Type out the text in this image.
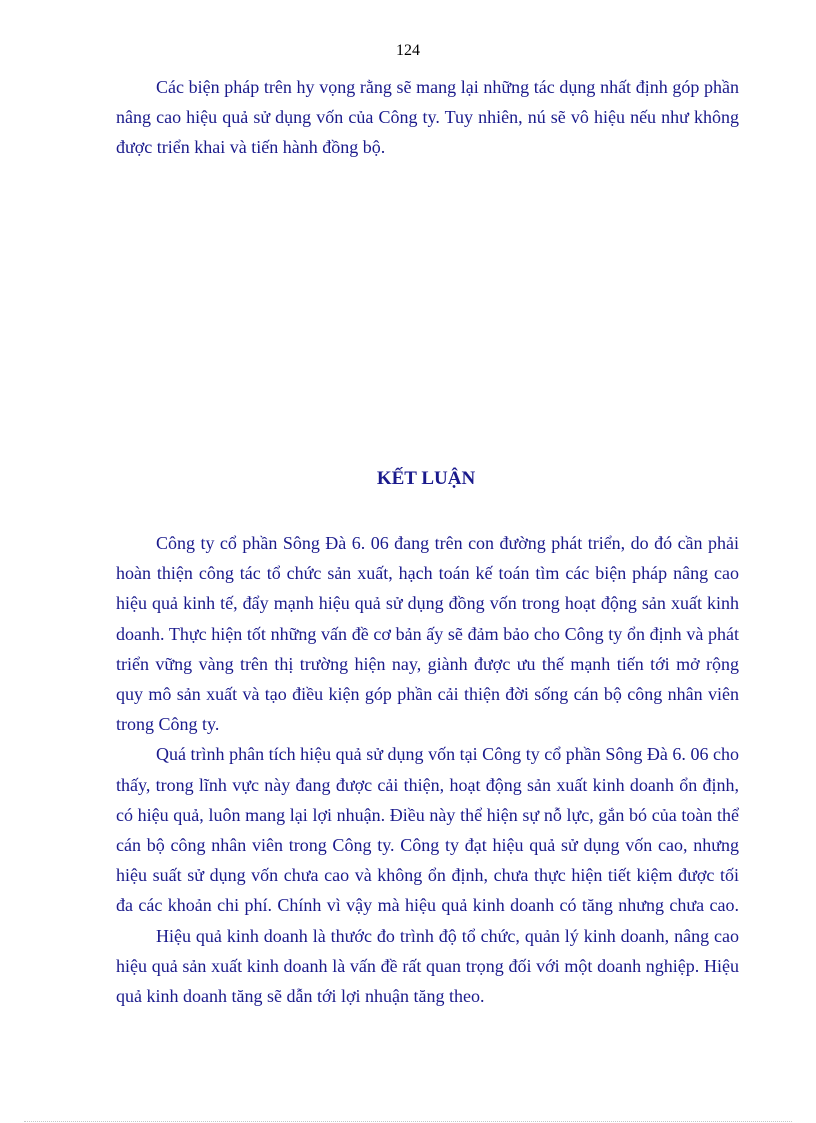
124

Các biện pháp trên hy vọng rằng sẽ mang lại những tác dụng nhất định góp phần nâng cao hiệu quả sử dụng vốn của Công ty. Tuy nhiên, nú sẽ vô hiệu nếu như không được triển khai và tiến hành đồng bộ.

KẾT LUẬN

Công ty cổ phần Sông Đà 6. 06 đang trên con đường phát triển, do đó cần phải hoàn thiện công tác tổ chức sản xuất, hạch toán kế toán tìm các biện pháp nâng cao hiệu quả kinh tế, đẩy mạnh hiệu quả sử dụng đồng vốn trong hoạt động sản xuất kinh doanh. Thực hiện tốt những vấn đề cơ bản ấy sẽ đảm bảo cho Công ty ổn định và phát triển vững vàng trên thị trường hiện nay, giành được ưu thế mạnh tiến tới mở rộng quy mô sản xuất và tạo điều kiện góp phần cải thiện đời sống cán bộ công nhân viên trong Công ty.

Quá trình phân tích hiệu quả sử dụng vốn tại Công ty cổ phần Sông Đà 6. 06 cho thấy, trong lĩnh vực này đang được cải thiện, hoạt động sản xuất kinh doanh ổn định, có hiệu quả, luôn mang lại lợi nhuận. Điều này thể hiện sự nỗ lực, gắn bó của toàn thể cán bộ công nhân viên trong Công ty. Công ty đạt hiệu quả sử dụng vốn cao, nhưng hiệu suất sử dụng vốn chưa cao và không ổn định, chưa thực hiện tiết kiệm được tối đa các khoản chi phí. Chính vì vậy mà hiệu quả kinh doanh có tăng nhưng chưa cao.

Hiệu quả kinh doanh là thước đo trình độ tổ chức, quản lý kinh doanh, nâng cao hiệu quả sản xuất kinh doanh là vấn đề rất quan trọng đối với một doanh nghiệp. Hiệu quả kinh doanh tăng sẽ dẫn tới lợi nhuận tăng theo.
